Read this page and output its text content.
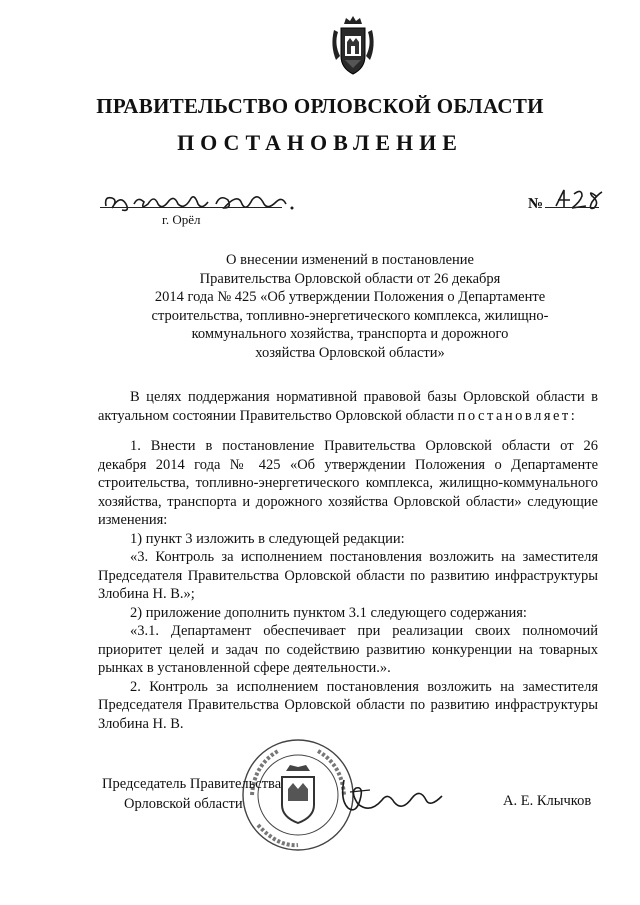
ПРАВИТЕЛЬСТВО ОРЛОВСКОЙ ОБЛАСТИ
ПОСТАНОВЛЕНИЕ
г. Орёл
№
О внесении изменений в постановление
Правительства Орловской области от 26 декабря
2014 года № 425 «Об утверждении Положения о Департаменте
строительства, топливно-энергетического комплекса, жилищно-
коммунального хозяйства, транспорта и дорожного
хозяйства Орловской области»

В целях поддержания нормативной правовой базы Орловской области в актуальном состоянии Правительство Орловской области постановляет:

1. Внести в постановление Правительства Орловской области от 26 декабря 2014 года № 425 «Об утверждении Положения о Департаменте строительства, топливно-энергетического комплекса, жилищно-коммунального хозяйства, транспорта и дорожного хозяйства Орловской области» следующие изменения:

1) пункт 3 изложить в следующей редакции:

«3. Контроль за исполнением постановления возложить на заместителя Председателя Правительства Орловской области по развитию инфраструктуры Злобина Н. В.»;

2) приложение дополнить пунктом 3.1 следующего содержания:

«3.1. Департамент обеспечивает при реализации своих полномочий приоритет целей и задач по содействию развитию конкуренции на товарных рынках в установленной сфере деятельности.».

2. Контроль за исполнением постановления возложить на заместителя Председателя Правительства Орловской области по развитию инфраструктуры Злобина Н. В.

Председатель Правительства
Орловской области	А. Е. Клычков
